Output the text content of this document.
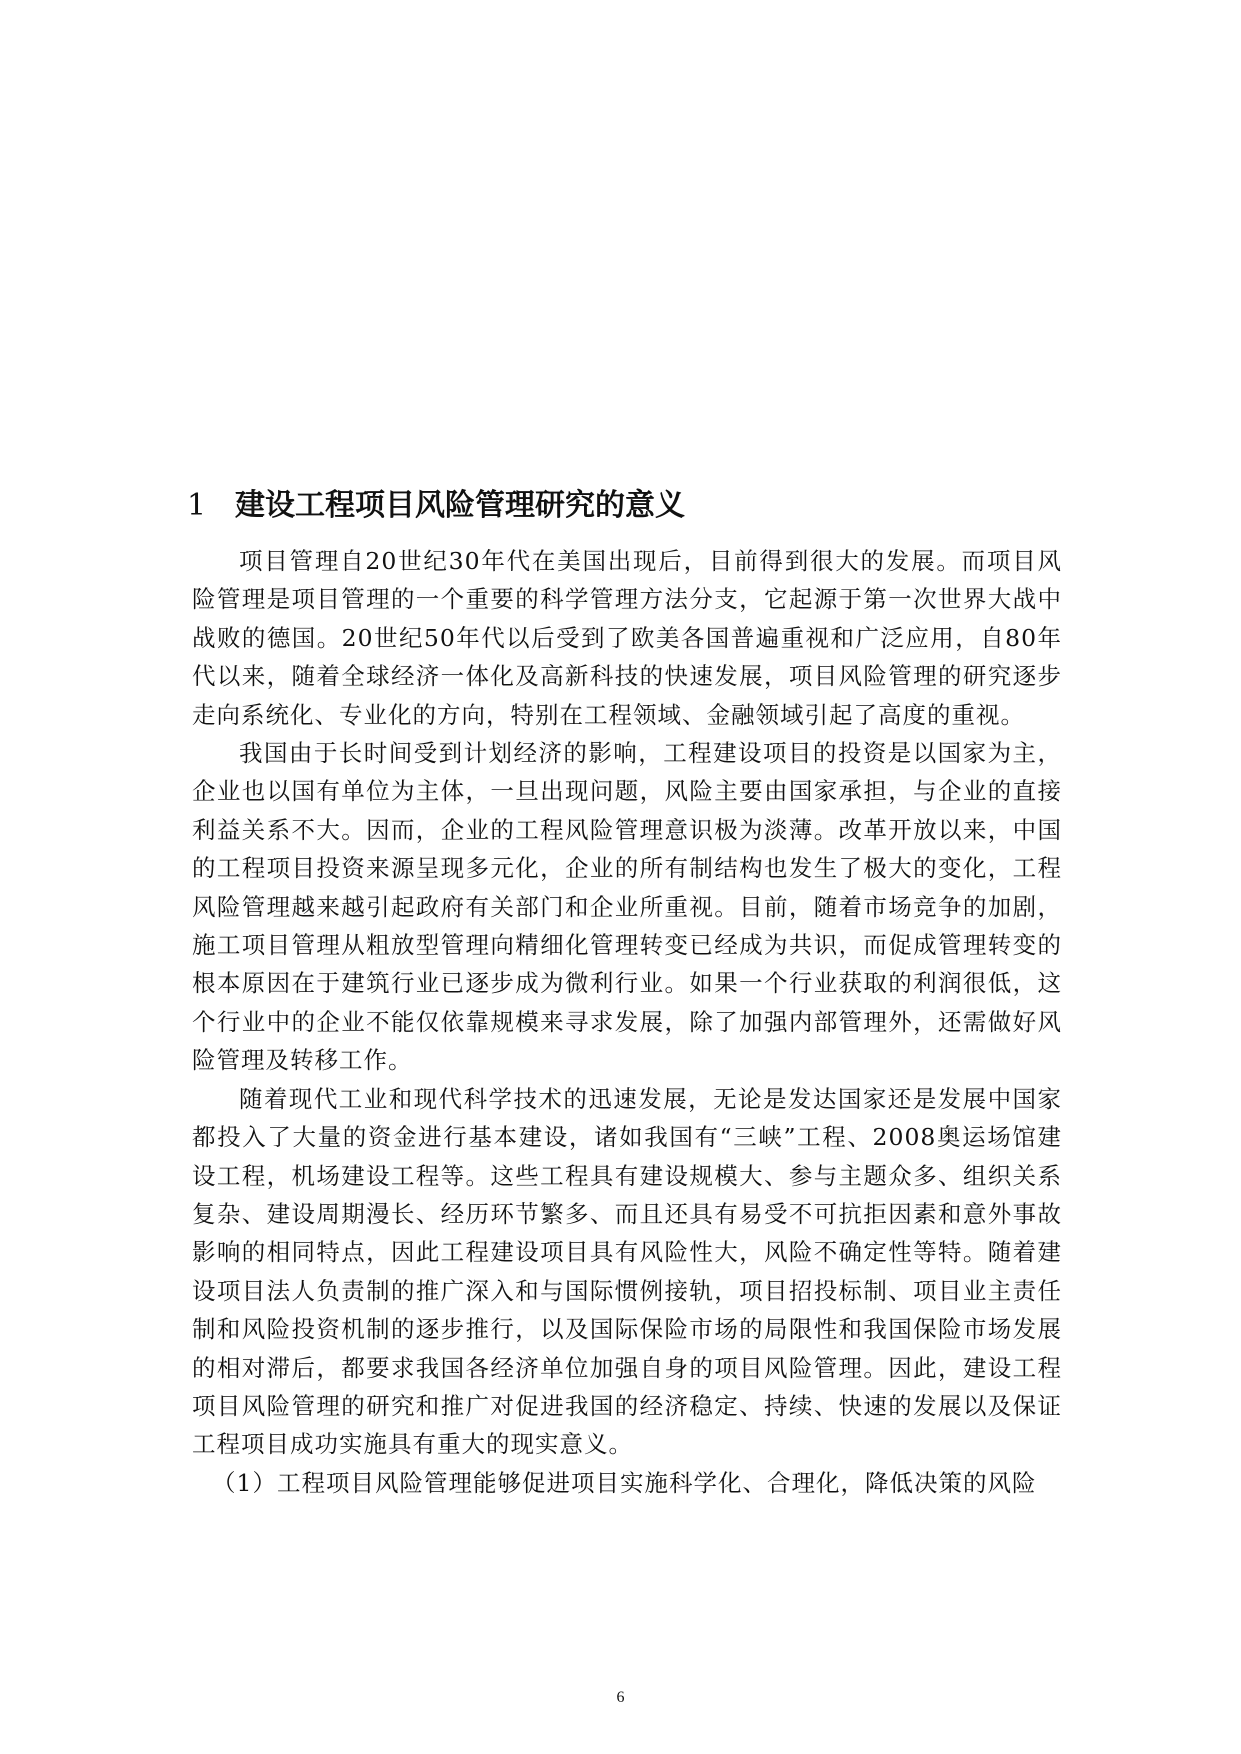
1 建设工程项目风险管理研究的意义

项目管理自20世纪30年代在美国出现后，目前得到很大的发展。而项目风险管理是项目管理的一个重要的科学管理方法分支，它起源于第一次世界大战中战败的德国。20世纪50年代以后受到了欧美各国普遍重视和广泛应用，自80年代以来，随着全球经济一体化及高新科技的快速发展，项目风险管理的研究逐步走向系统化、专业化的方向，特别在工程领域、金融领域引起了高度的重视。

我国由于长时间受到计划经济的影响，工程建设项目的投资是以国家为主，企业也以国有单位为主体，一旦出现问题，风险主要由国家承担，与企业的直接利益关系不大。因而，企业的工程风险管理意识极为淡薄。改革开放以来，中国的工程项目投资来源呈现多元化，企业的所有制结构也发生了极大的变化，工程风险管理越来越引起政府有关部门和企业所重视。目前，随着市场竞争的加剧，施工项目管理从粗放型管理向精细化管理转变已经成为共识，而促成管理转变的根本原因在于建筑行业已逐步成为微利行业。如果一个行业获取的利润很低，这个行业中的企业不能仅依靠规模来寻求发展，除了加强内部管理外，还需做好风险管理及转移工作。

随着现代工业和现代科学技术的迅速发展，无论是发达国家还是发展中国家都投入了大量的资金进行基本建设，诸如我国有“三峡”工程、2008奥运场馆建设工程，机场建设工程等。这些工程具有建设规模大、参与主题众多、组织关系复杂、建设周期漫长、经历环节繁多、而且还具有易受不可抗拒因素和意外事故影响的相同特点，因此工程建设项目具有风险性大，风险不确定性等特。随着建设项目法人负责制的推广深入和与国际惯例接轨，项目招投标制、项目业主责任制和风险投资机制的逐步推行，以及国际保险市场的局限性和我国保险市场发展的相对滞后，都要求我国各经济单位加强自身的项目风险管理。因此，建设工程项目风险管理的研究和推广对促进我国的经济稳定、持续、快速的发展以及保证工程项目成功实施具有重大的现实意义。

（1）工程项目风险管理能够促进项目实施科学化、合理化，降低决策的风险

6
